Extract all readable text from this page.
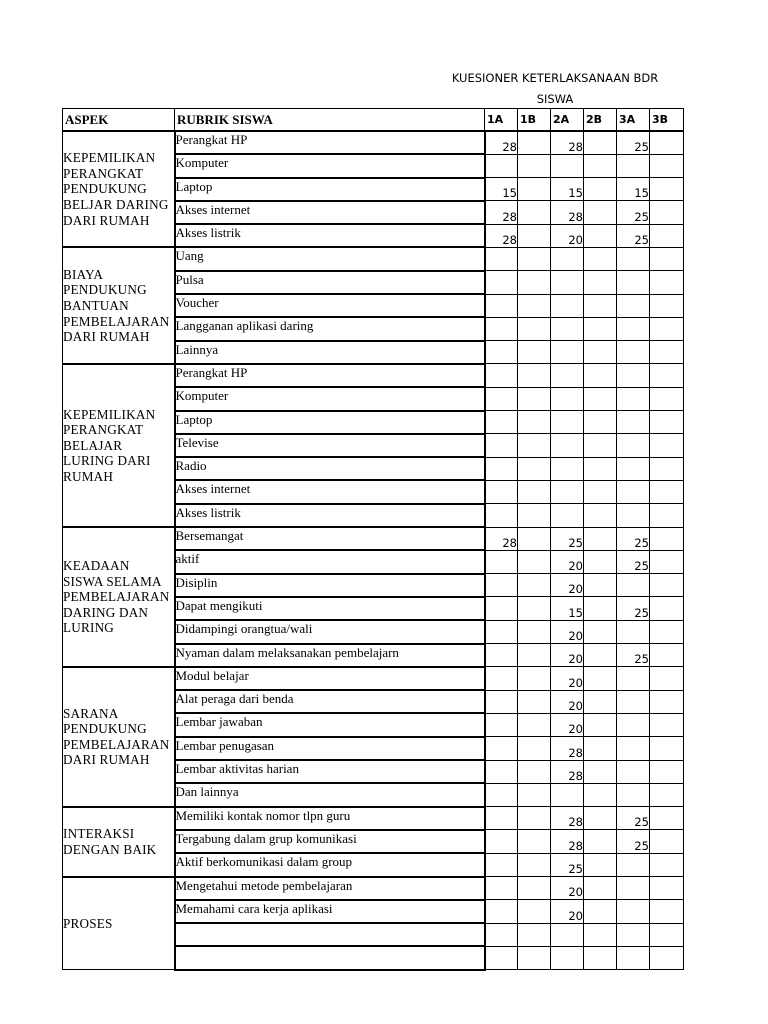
KUESIONER KETERLAKSANAAN BDR
SISWA
ASPEK	RUBRIK SISWA	1A	1B	2A	2B	3A	3B

KEPEMILIKAN
PERANGKAT
PENDUKUNG
BELJAR DARING
DARI RUMAH	Perangkat HP	28		28		25	
	Komputer						
	Laptop	15		15		15	
	Akses internet	28		28		25	
	Akses listrik	28		20		25	

BIAYA
PENDUKUNG
BANTUAN
PEMBELAJARAN
DARI RUMAH	Uang						
	Pulsa						
	Voucher						
	Langganan aplikasi daring						
	Lainnya						

KEPEMILIKAN
PERANGKAT
BELAJAR
LURING DARI
RUMAH	Perangkat HP						
	Komputer						
	Laptop						
	Televise						
	Radio						
	Akses internet						
	Akses listrik						

KEADAAN
SISWA SELAMA
PEMBELAJARAN
DARING DAN
LURING	Bersemangat	28		25		25	
	aktif			20		25	
	Disiplin			20			
	Dapat mengikuti			15		25	
	Didampingi orangtua/wali			20			
	Nyaman dalam melaksanakan pembelajarn			20		25	

SARANA
PENDUKUNG
PEMBELAJARAN
DARI RUMAH	Modul belajar			20			
	Alat peraga dari benda			20			
	Lembar jawaban			20			
	Lembar penugasan			28			
	Lembar aktivitas harian			28			
	Dan lainnya						

INTERAKSI
DENGAN BAIK	Memiliki kontak nomor tlpn guru			28		25	
	Tergabung dalam grup komunikasi			28		25	
	Aktif berkomunikasi dalam group			25			

PROSES	Mengetahui metode pembelajaran			20			
	Memahami cara kerja aplikasi			20			
